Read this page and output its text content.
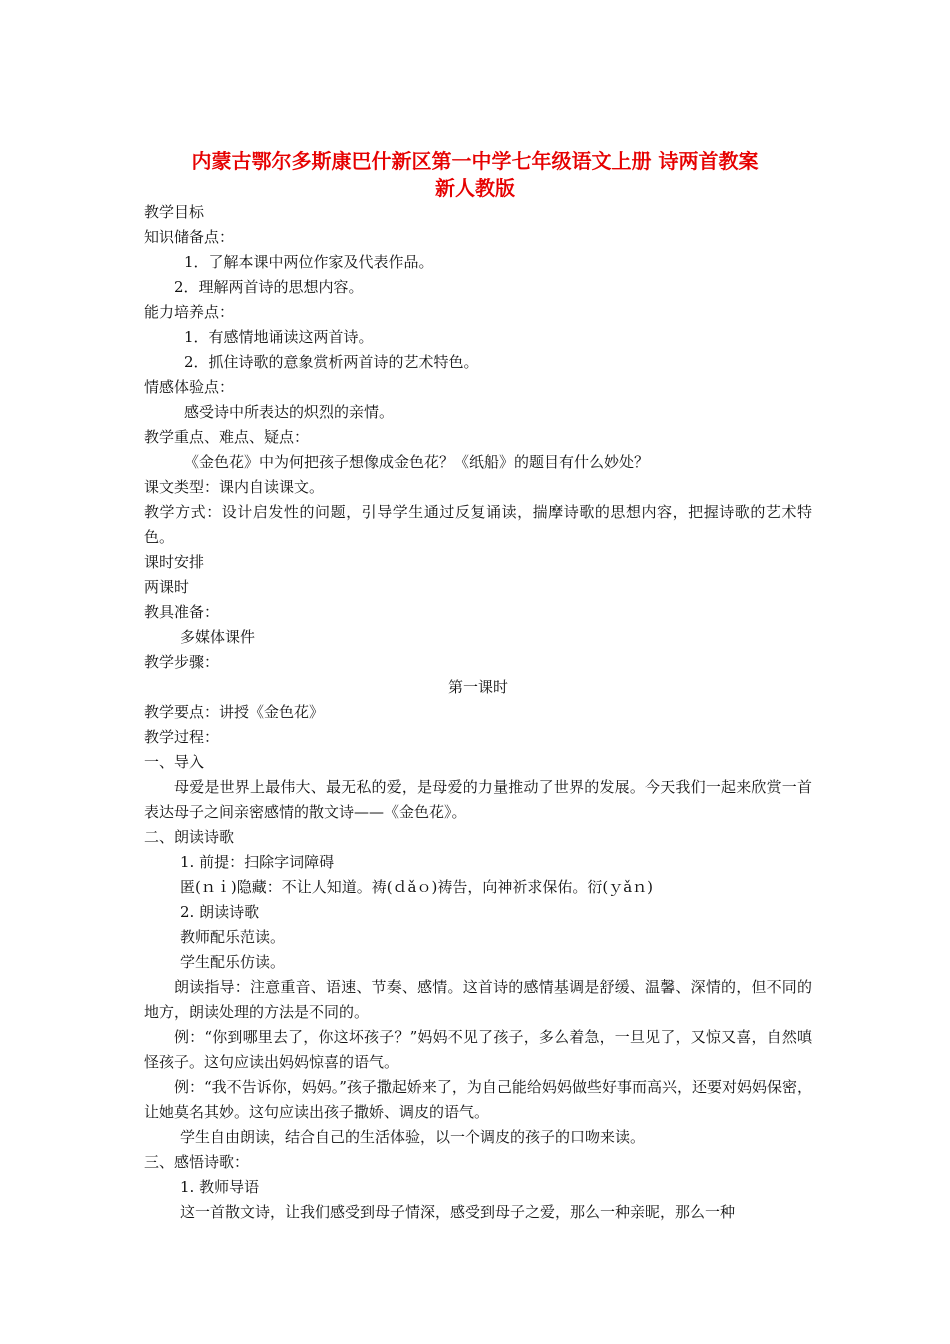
内蒙古鄂尔多斯康巴什新区第一中学七年级语文上册 诗两首教案
新人教版
教学目标
知识储备点：
1．了解本课中两位作家及代表作品。
2．理解两首诗的思想内容。
能力培养点：
1．有感情地诵读这两首诗。
2．抓住诗歌的意象赏析两首诗的艺术特色。
情感体验点：
感受诗中所表达的炽烈的亲情。
教学重点、难点、疑点：
《金色花》中为何把孩子想像成金色花？《纸船》的题目有什么妙处？
课文类型：课内自读课文。
教学方式：设计启发性的问题，引导学生通过反复诵读，揣摩诗歌的思想内容，把握诗歌的艺术特色。
课时安排
两课时
教具准备：
多媒体课件
教学步骤：
第一课时
教学要点：讲授《金色花》
教学过程：
一、导入
母爱是世界上最伟大、最无私的爱，是母爱的力量推动了世界的发展。今天我们一起来欣赏一首表达母子之间亲密感情的散文诗——《金色花》。
二、朗读诗歌
1. 前提：扫除字词障碍
匿(ｎｉ)隐藏：不让人知道。祷(ｄǎｏ)祷告，向神祈求保佑。衍(ｙǎｎ)
2. 朗读诗歌
教师配乐范读。
学生配乐仿读。
朗读指导：注意重音、语速、节奏、感情。这首诗的感情基调是舒缓、温馨、深情的，但不同的地方，朗读处理的方法是不同的。
例：“你到哪里去了，你这坏孩子？”妈妈不见了孩子，多么着急，一旦见了，又惊又喜，自然嗔怪孩子。这句应读出妈妈惊喜的语气。
例：“我不告诉你，妈妈。”孩子撒起娇来了，为自己能给妈妈做些好事而高兴，还要对妈妈保密，让她莫名其妙。这句应读出孩子撒娇、调皮的语气。
学生自由朗读，结合自己的生活体验，以一个调皮的孩子的口吻来读。
三、感悟诗歌：
1. 教师导语
这一首散文诗，让我们感受到母子情深，感受到母子之爱，那么一种亲昵，那么一种
